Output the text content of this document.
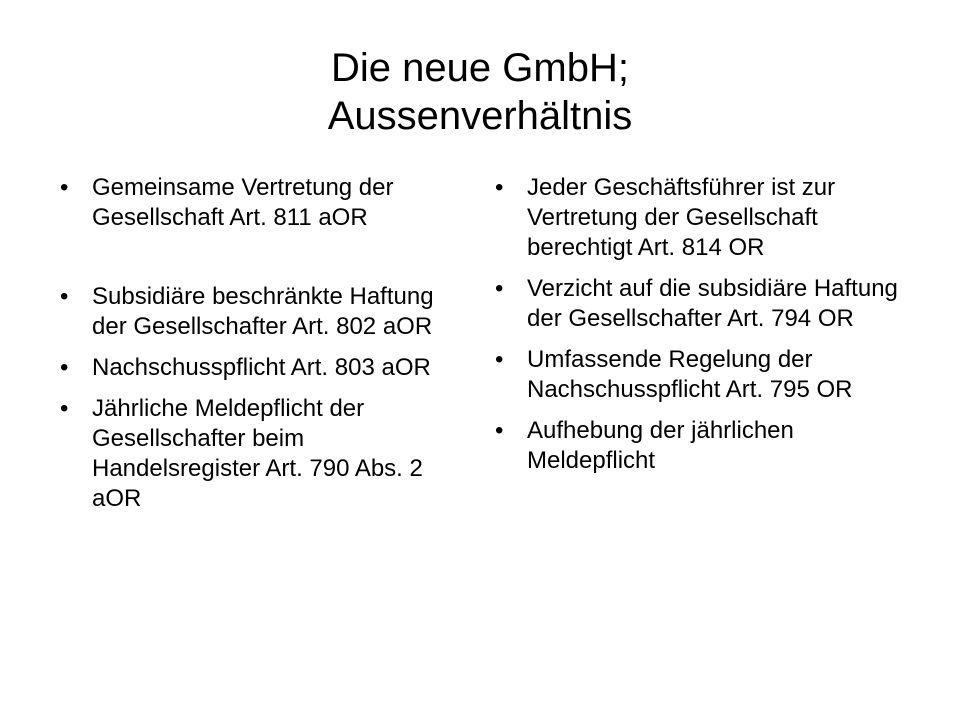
Die neue GmbH;
Aussenverhältnis
• Gemeinsame Vertretung der Gesellschaft Art. 811 aOR
• Subsidiäre beschränkte Haftung der Gesellschafter Art. 802 aOR
• Nachschusspflicht Art. 803 aOR
• Jährliche Meldepflicht der Gesellschafter beim Handelsregister Art. 790 Abs. 2 aOR
• Jeder Geschäftsführer ist zur Vertretung der Gesellschaft berechtigt Art. 814 OR
• Verzicht auf die subsidiäre Haftung der Gesellschafter Art. 794 OR
• Umfassende Regelung der Nachschusspflicht Art. 795 OR
• Aufhebung der jährlichen Meldepflicht
